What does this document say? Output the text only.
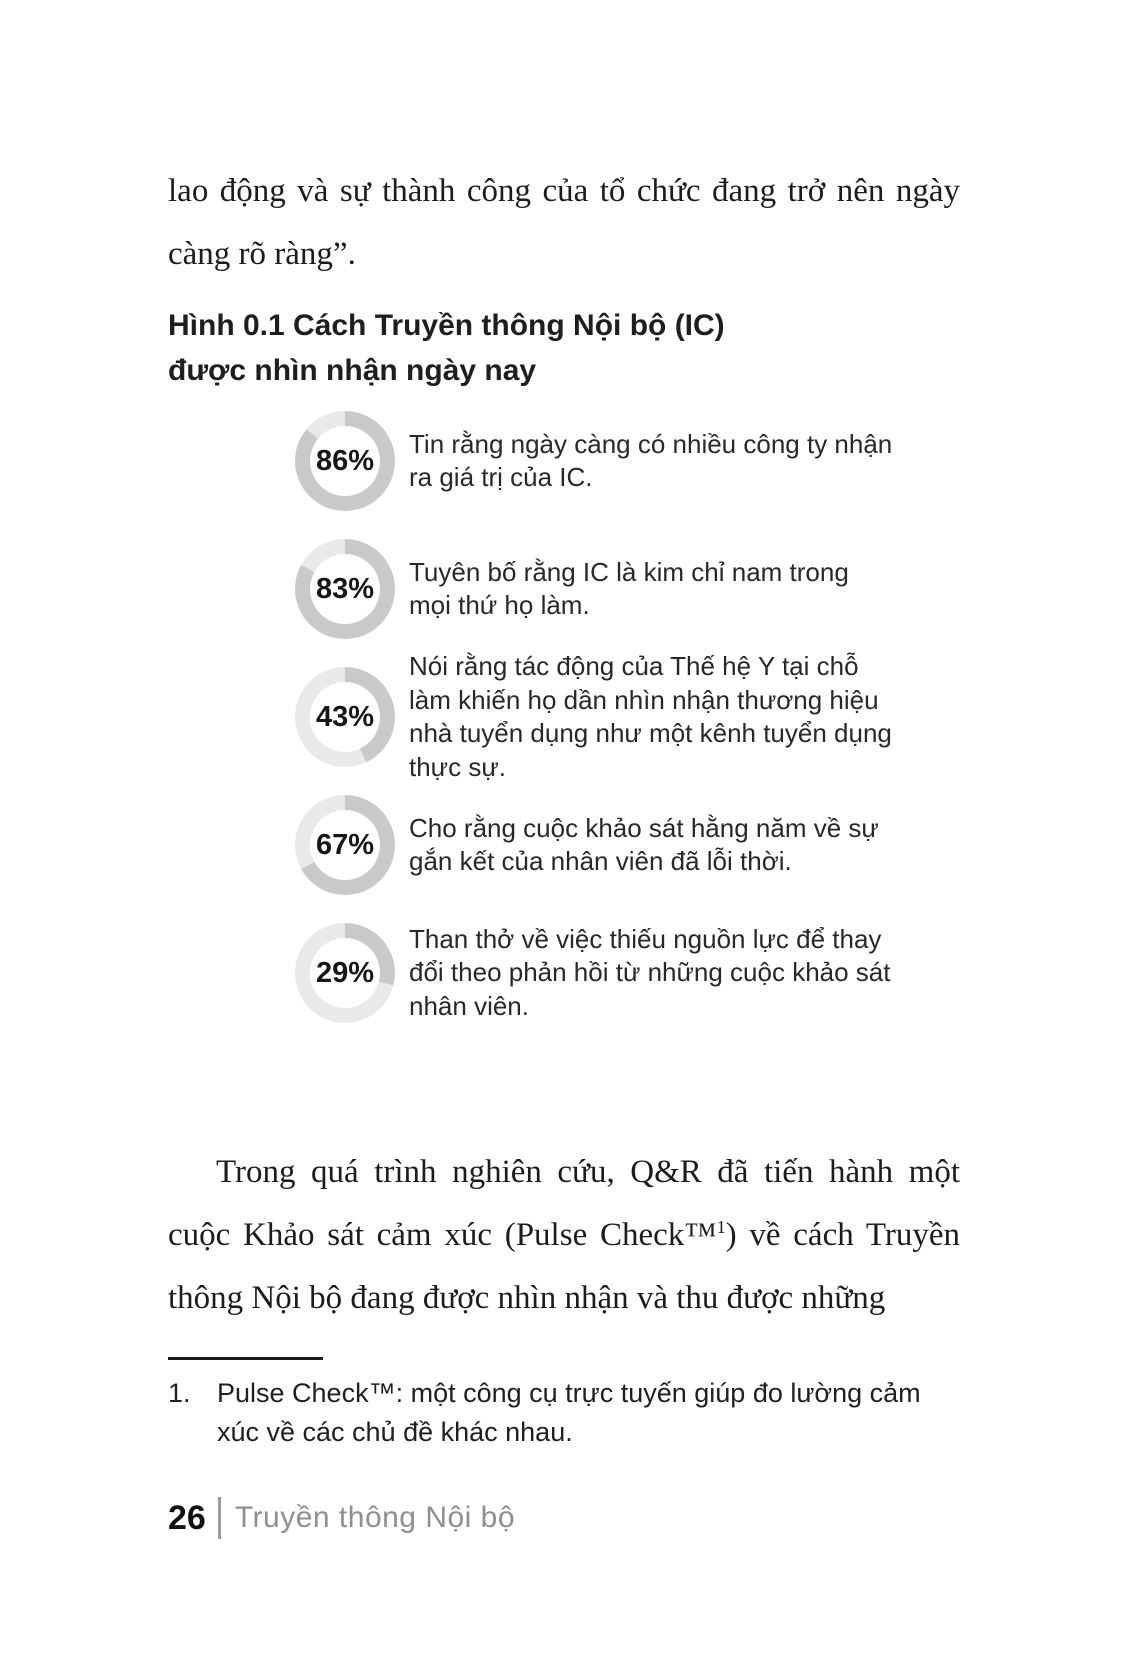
lao động và sự thành công của tổ chức đang trở nên ngày càng rõ ràng”.

Hình 0.1 Cách Truyền thông Nội bộ (IC)
được nhìn nhận ngày nay
86%

Tin rằng ngày càng có nhiều công ty nhận ra giá trị của IC.

83%

Tuyên bố rằng IC là kim chỉ nam trong mọi thứ họ làm.

43%

Nói rằng tác động của Thế hệ Y tại chỗ làm khiến họ dần nhìn nhận thương hiệu nhà tuyển dụng như một kênh tuyển dụng thực sự.

67%

Cho rằng cuộc khảo sát hằng năm về sự gắn kết của nhân viên đã lỗi thời.

29%

Than thở về việc thiếu nguồn lực để thay đổi theo phản hồi từ những cuộc khảo sát nhân viên.

Trong quá trình nghiên cứu, Q&R đã tiến hành một cuộc Khảo sát cảm xúc (Pulse Check™$^1$) về cách Truyền thông Nội bộ đang được nhìn nhận và thu được những

1. Pulse Check™: một công cụ trực tuyến giúp đo lường cảm xúc về các chủ đề khác nhau.

26 Truyền thông Nội bộ
